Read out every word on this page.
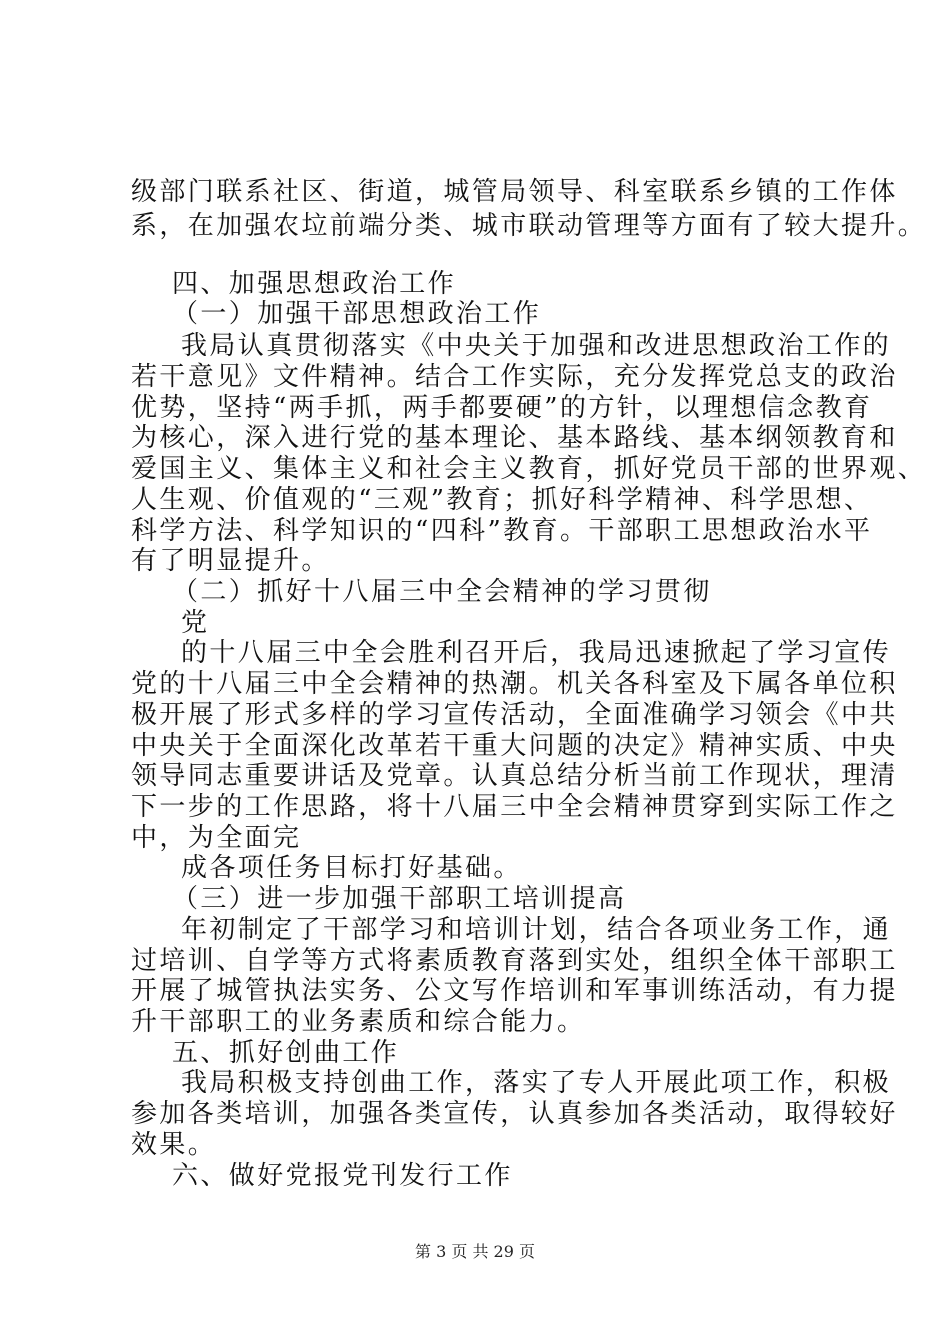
级部门联系社区、街道，城管局领导、科室联系乡镇的工作体
系，在加强农垃前端分类、城市联动管理等方面有了较大提升。
四、加强思想政治工作
（一）加强干部思想政治工作
我局认真贯彻落实《中央关于加强和改进思想政治工作的
若干意见》文件精神。结合工作实际，充分发挥党总支的政治
优势，坚持“两手抓，两手都要硬”的方针，以理想信念教育
为核心，深入进行党的基本理论、基本路线、基本纲领教育和
爱国主义、集体主义和社会主义教育，抓好党员干部的世界观、
人生观、价值观的“三观”教育；抓好科学精神、科学思想、
科学方法、科学知识的“四科”教育。干部职工思想政治水平
有了明显提升。
（二）抓好十八届三中全会精神的学习贯彻
党
的十八届三中全会胜利召开后，我局迅速掀起了学习宣传
党的十八届三中全会精神的热潮。机关各科室及下属各单位积
极开展了形式多样的学习宣传活动，全面准确学习领会《中共
中央关于全面深化改革若干重大问题的决定》精神实质、中央
领导同志重要讲话及党章。认真总结分析当前工作现状，理清
下一步的工作思路，将十八届三中全会精神贯穿到实际工作之
中，为全面完
成各项任务目标打好基础。
（三）进一步加强干部职工培训提高
年初制定了干部学习和培训计划，结合各项业务工作，通
过培训、自学等方式将素质教育落到实处，组织全体干部职工
开展了城管执法实务、公文写作培训和军事训练活动，有力提
升干部职工的业务素质和综合能力。
五、抓好创曲工作
我局积极支持创曲工作，落实了专人开展此项工作，积极
参加各类培训，加强各类宣传，认真参加各类活动，取得较好
效果。
六、做好党报党刊发行工作
第 3 页 共 29 页
